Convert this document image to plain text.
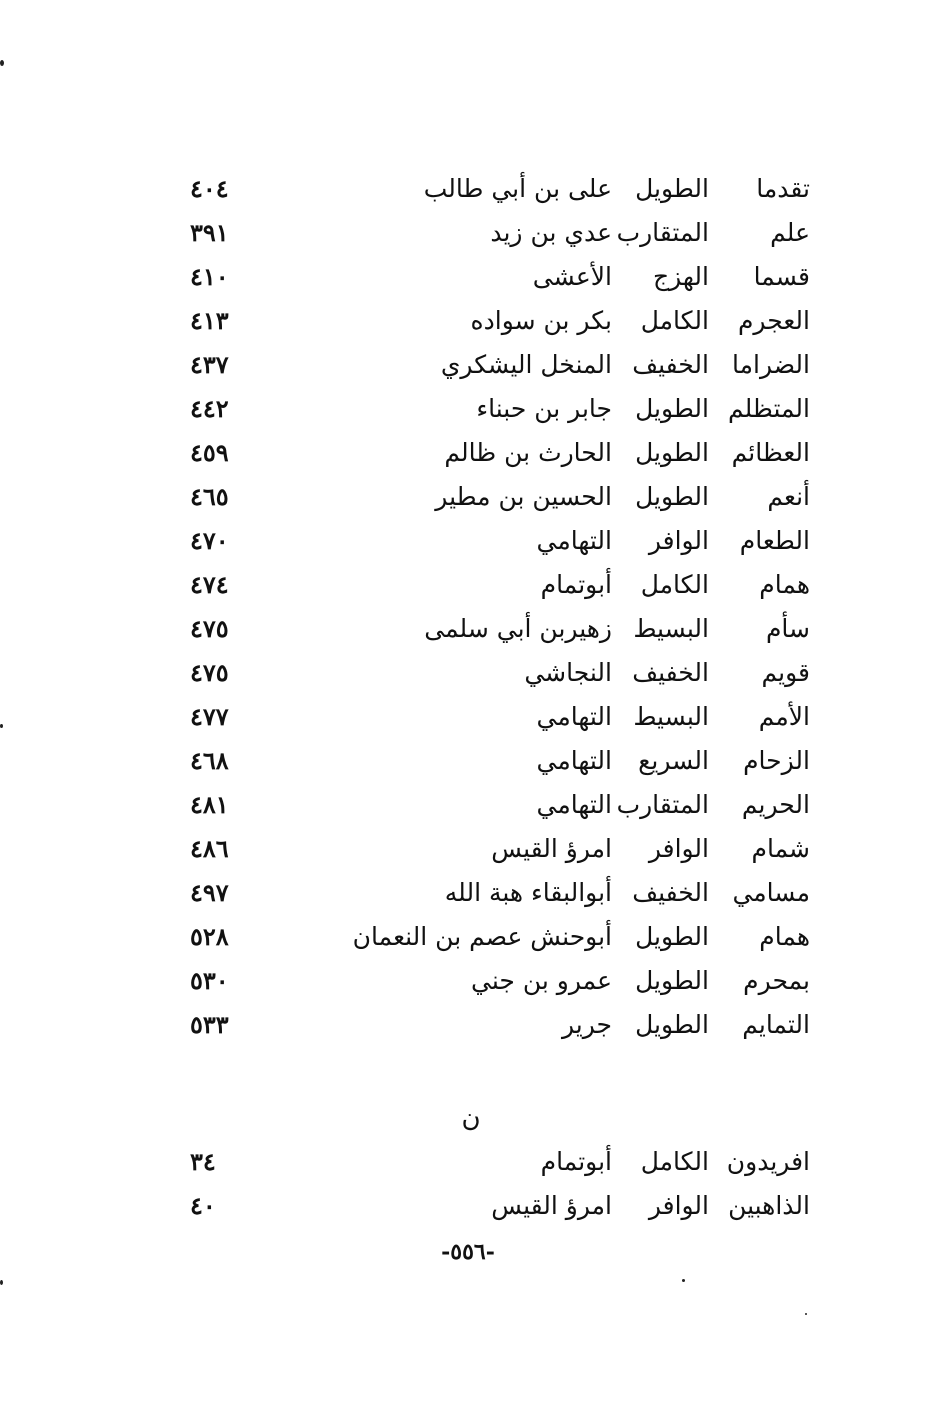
تقدما
الطويل
على بن أبي طالب
٤٠٤
علم
المتقارب
عدي بن زيد
٣٩١
قسما
الهزج
الأعشى
٤١٠
العجرم
الكامل
بكر بن سواده
٤١٣
الضراما
الخفيف
المنخل اليشكري
٤٣٧
المتظلم
الطويل
جابر بن حبناء
٤٤٢
العظائم
الطويل
الحارث بن ظالم
٤٥٩
أنعم
الطويل
الحسين بن مطير
٤٦٥
الطعام
الوافر
التهامي
٤٧٠
همام
الكامل
أبوتمام
٤٧٤
سأم
البسيط
زهيربن أبي سلمى
٤٧٥
قويم
الخفيف
النجاشي
٤٧٥
الأمم
البسيط
التهامي
٤٧٧
الزحام
السريع
التهامي
٤٦٨
الحريم
المتقارب
التهامي
٤٨١
شمام
الوافر
امرؤ القيس
٤٨٦
مسامي
الخفيف
أبوالبقاء هبة الله
٤٩٧
همام
الطويل
أبوحنش عصم بن النعمان
٥٢٨
بمحرم
الطويل
عمرو بن جني
٥٣٠
التمايم
الطويل
جرير
٥٣٣
ن
افريدون
الكامل
أبوتمام
٣٤
الذاهبين
الوافر
امرؤ القيس
٤٠
-٥٥٦-
